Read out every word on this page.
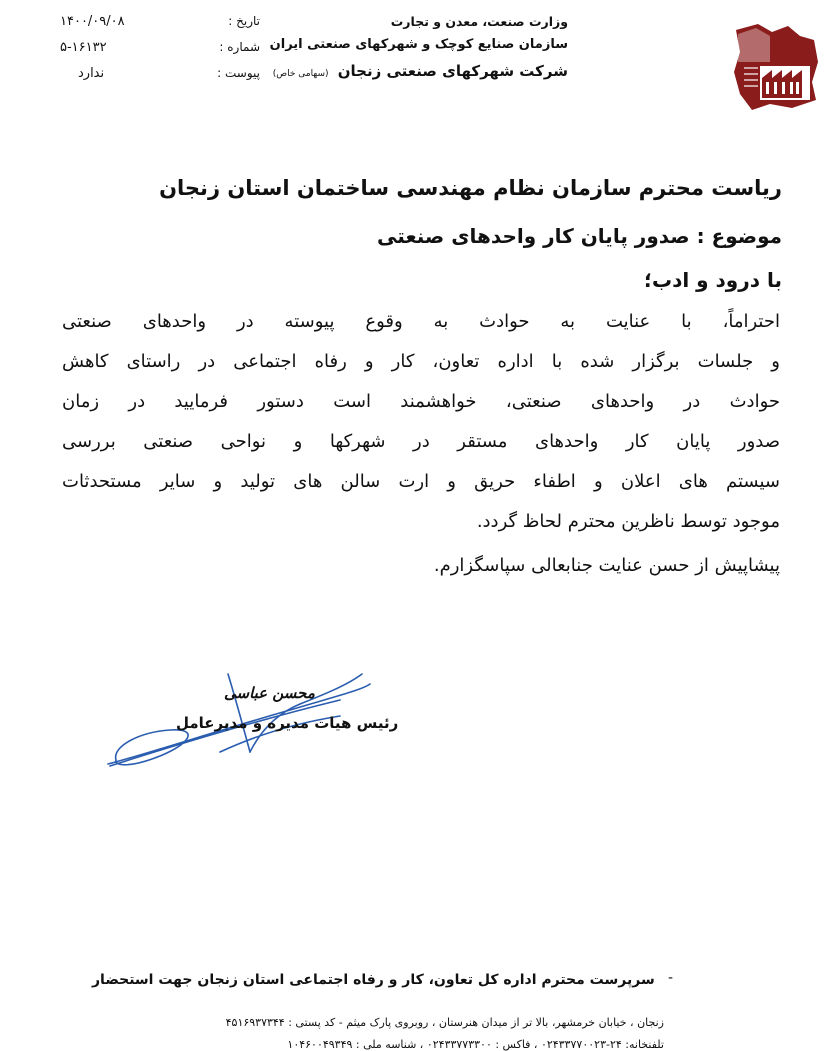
وزارت صنعت، معدن و تجارت
سازمان صنایع کوچک و شهرکهای صنعتی ایران
شرکت شهرکهای صنعتی زنجان (سهامی خاص)
تاریخ :
۱۴۰۰/۰۹/۰۸
شماره :
۵-۱۶۱۳۲
پیوست :
ندارد
ریاست محترم سازمان نظام مهندسی ساختمان استان زنجان
موضوع : صدور پایان کار واحدهای صنعتی
با درود و ادب؛
احتراماً، با عنایت به حوادث به وقوع پیوسته در واحدهای صنعتی
و جلسات برگزار شده با اداره تعاون، کار و رفاه اجتماعی در راستای کاهش
حوادث در واحدهای صنعتی، خواهشمند است دستور فرمایید در زمان
صدور پایان کار واحدهای مستقر در شهرکها و نواحی صنعتی بررسی
سیستم های اعلان و اطفاء حریق و ارت سالن های تولید و سایر مستحدثات
موجود توسط ناظرین محترم لحاظ گردد.
پیشاپیش از حسن عنایت جنابعالی سپاسگزارم.
محسن عباسی
رئیس هیات مدیره و مدیرعامل
-
سرپرست محترم اداره کل تعاون، کار و رفاه اجتماعی استان زنجان جهت استحضار
زنجان ، خیابان خرمشهر، بالا تر از میدان هنرستان ، روبروی پارک میثم - کد پستی : ۴۵۱۶۹۳۷۳۴۴
تلفنخانه: ۲۴-۰۲۴۳۳۷۷۰۰۲۳ ، فاکس : ۰۲۴۳۳۷۷۳۳۰۰ ، شناسه ملی : ۱۰۴۶۰۰۴۹۳۴۹
